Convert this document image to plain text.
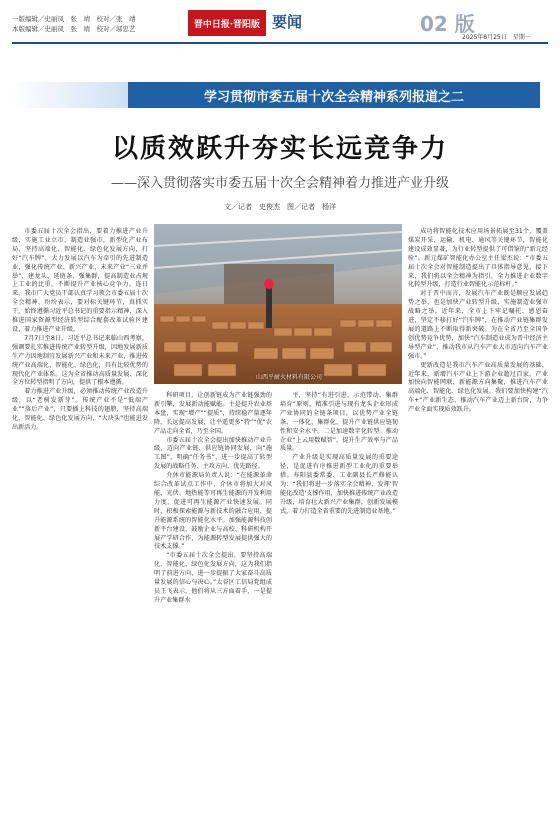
一版编辑／史丽凤　张　靖　校对／张　靖
本版编辑／史丽凤　张　靖　校对／邬忠艺	晋中日报·晋阳版 要闻	02 版
2025年8月25日　星期一
学习贯彻市委五届十次全会精神系列报道之二
以质效跃升夯实长远竞争力
——深入贯彻落实市委五届十次全会精神着力推进产业升级
文／记者　史俊杰　图／记者　杨洋
山西平耐火材料有限公司

市委五届十次全会指出，要着力推进产业升级，实施工业立市、制造业强市，新型化产业布局，坚持高端化、智能化、绿色化发展方向，打好“汽车牌”，大力发展以汽车为牵引的先进制造业，强化传统产业、新兴产业、未来产业“三业并举”，建龙头、延链条、强集群，提高制造业占规上工业的比重，不断提升产业核心竞争力。连日来，我市广大党员干部认真学习领会市委五届十次全会精神，纷纷表示，要对标关键环节，真抓实干，始终遵循习近平总书记的重要指示精神，深入推进国家资源型经济转型综合配套改革试验区建设，着力推进产业升级。

7月7日至8日，习近平总书记来临山西考察，强调要扎实推进传统产业转型升级，因地发展新质生产力因地制宜发展新兴产业和未来产业，推进传统产业高端化、智能化、绿色化，具有比较优势的现代化产业体系。这为全省推动高质量发展、深化全方位转型指明了方向，提供了根本遵循。

着力推进产业升级，必须推动传统产业改造升级，以“老树发新芽”。传统产业不是“低端产业”“落后产业”，只要插上科技的翅膀，坚持高端化、智能化、绿色化发展方向，“大块头”也能迸发出新活力。

科研项目，让创新链成为产业链强劲的新引擎，发展新动能赋能。主是提升农业基本盘，实现“增产”“提质”，持续稳产量逐年降，长远提高发展，让平遥更多“特”“优”农产品走向全省，乃至全国。

市委五届十次全会提出加快推动产业升级，迈向产业链、供应链协同发展，向“施工图”，明确“任务书”，进一步提高了转型发展的战略任务、主攻方向、优先路径。

介休市能源局负责人说：“在能源革命综合改革试点工作中，介休市将加大对风能、光伏、地热能等可再生能源的开发利用力度，促进可再生能源产业快速发展。同时，积极探索能源与新技术的融合应用，提升能源系统的智能化水平。加强能源科技创新平台建设，鼓励企业与高校、科研机构开展产学研合作，为能源转型发展提供强大的技术支撑。”

“市委五届十次全会提出，要坚持高端化、智能化、绿色化发展方向，这为我们指明了前进方向，进一步提振了大家奋斗高质量发展的信心与决心。”太谷区工信局党组成员王飞表示，他们将从三方面着手，一是提升产业集群水

平，坚持“有进引进、示范带动、集群培育”原则，精准引进与现有龙头企业形成产业协同的全链条项目，以优势产业全链条、一体化、集群化，提升产业链供应链韧性和安全水平。二是加速数字化转型。推动企业“上云用数赋智”，提升生产效率与产品质量。

产业升级是实现高质量发展的重要途径，是促进有序推进新型工业化的重要举措。寿阳县委常委、工业副县长严修能认为：“我们将进一步落实全会精神，发挥'智能化改造'支撑作用，加快推进传统产业改造升级，培育壮大新兴产业集群，创新发展模式，着力打造全省重要的先进制造业基地。”

成功将智能化技术应用场景拓展至31个，覆盖煤炭开采、运输、机电、通风等关键环节，智能化建设成效显著，为行业转型提供了可借鉴的“新元经验”。新元煤矿智能化办公室主任梁杰说：“市委五届十次全会对智能制造提出了具体指导意见，接下来，我们将以全会精神为指引，全力推进企业数字化转型升级，打造行业智能化示范标杆。”

对于晋中而言，发展汽车产业既是顺应发展趋势之举，也是加快产业转型升级、实施制造业强市战略之举。近年来，全市上下牢记嘱托、感恩奋进，坚定不移打好“汽车牌”，在推动产业链集群发展的道路上不断取得新突破。为在全省乃至全国争创优势竞争优势，加快“汽车制造业成为晋中经济主导型产业”，推动我市从汽车产业大市迈向汽车产业强市。”

更新改造是我市汽车产业高质量发展的基础，近年来，新增汽车产业上下游企业超过百家，产业加快向智能网联、新能源方向集聚，推进汽车产业高端化、智能化、绿色化发展。我们要加快构建“汽车+”产业新生态，推动汽车产业迈上新台阶，力争产业全面实现质效跃升。
